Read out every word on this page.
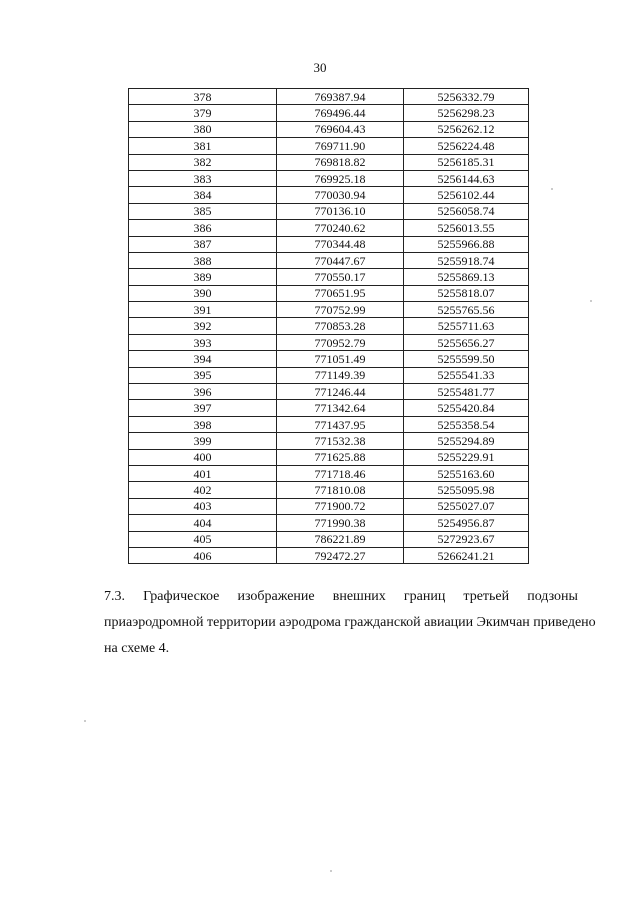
30
378	769387.94	5256332.79
379	769496.44	5256298.23
380	769604.43	5256262.12
381	769711.90	5256224.48
382	769818.82	5256185.31
383	769925.18	5256144.63
384	770030.94	5256102.44
385	770136.10	5256058.74
386	770240.62	5256013.55
387	770344.48	5255966.88
388	770447.67	5255918.74
389	770550.17	5255869.13
390	770651.95	5255818.07
391	770752.99	5255765.56
392	770853.28	5255711.63
393	770952.79	5255656.27
394	771051.49	5255599.50
395	771149.39	5255541.33
396	771246.44	5255481.77
397	771342.64	5255420.84
398	771437.95	5255358.54
399	771532.38	5255294.89
400	771625.88	5255229.91
401	771718.46	5255163.60
402	771810.08	5255095.98
403	771900.72	5255027.07
404	771990.38	5254956.87
405	786221.89	5272923.67
406	792472.27	5266241.21
7.3. Графическое изображение внешних границ третьей подзоны
приаэродромной территории аэродрома гражданской авиации Экимчан приведено
на схеме 4.
